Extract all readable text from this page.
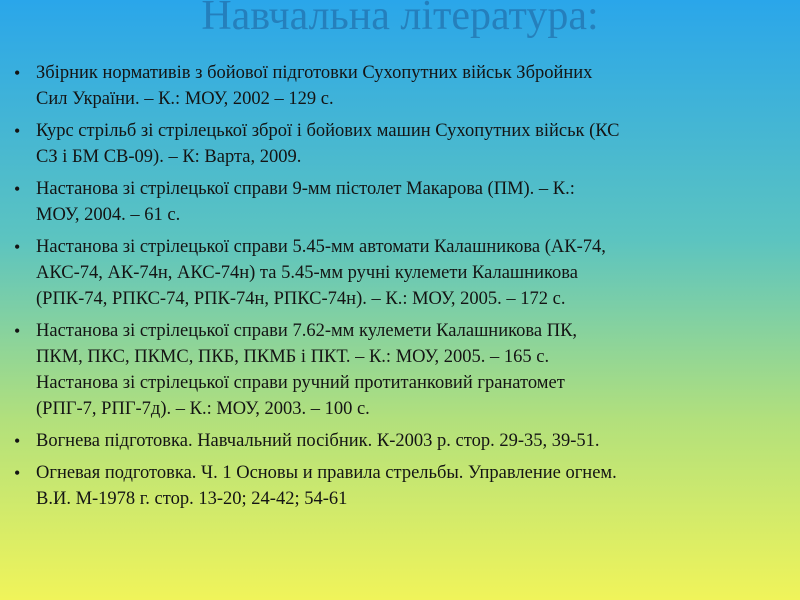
Навчальна література:
• Збірник нормативів з бойової підготовки Сухопутних військ Збройних
Сил України. – К.: МОУ, 2002 – 129 с.
• Курс стрільб зі стрілецької зброї і бойових машин Сухопутних військ (КС
СЗ і БМ СВ-09). – К: Варта, 2009.
• Настанова зі стрілецької справи 9-мм пістолет Макарова (ПМ). – К.:
МОУ, 2004. – 61 с.
• Настанова зі стрілецької справи 5.45-мм автомати Калашникова (АК-74,
АКС-74, АК-74н, АКС-74н) та 5.45-мм ручні кулемети Калашникова
(РПК-74, РПКС-74, РПК-74н, РПКС-74н). – К.: МОУ, 2005. – 172 с.
• Настанова зі стрілецької справи 7.62-мм кулемети Калашникова ПК,
ПКМ, ПКС, ПКМС, ПКБ, ПКМБ і ПКТ. – К.: МОУ, 2005. – 165 с.
Настанова зі стрілецької справи ручний протитанковий гранатомет
(РПГ-7, РПГ-7д). – К.: МОУ, 2003. – 100 с.
• Вогнева підготовка. Навчальний посібник. К-2003 р. стор. 29-35, 39-51.
• Огневая подготовка. Ч. 1 Основы и правила стрельбы. Управление огнем.
В.И. М-1978 г. стор. 13-20; 24-42; 54-61
